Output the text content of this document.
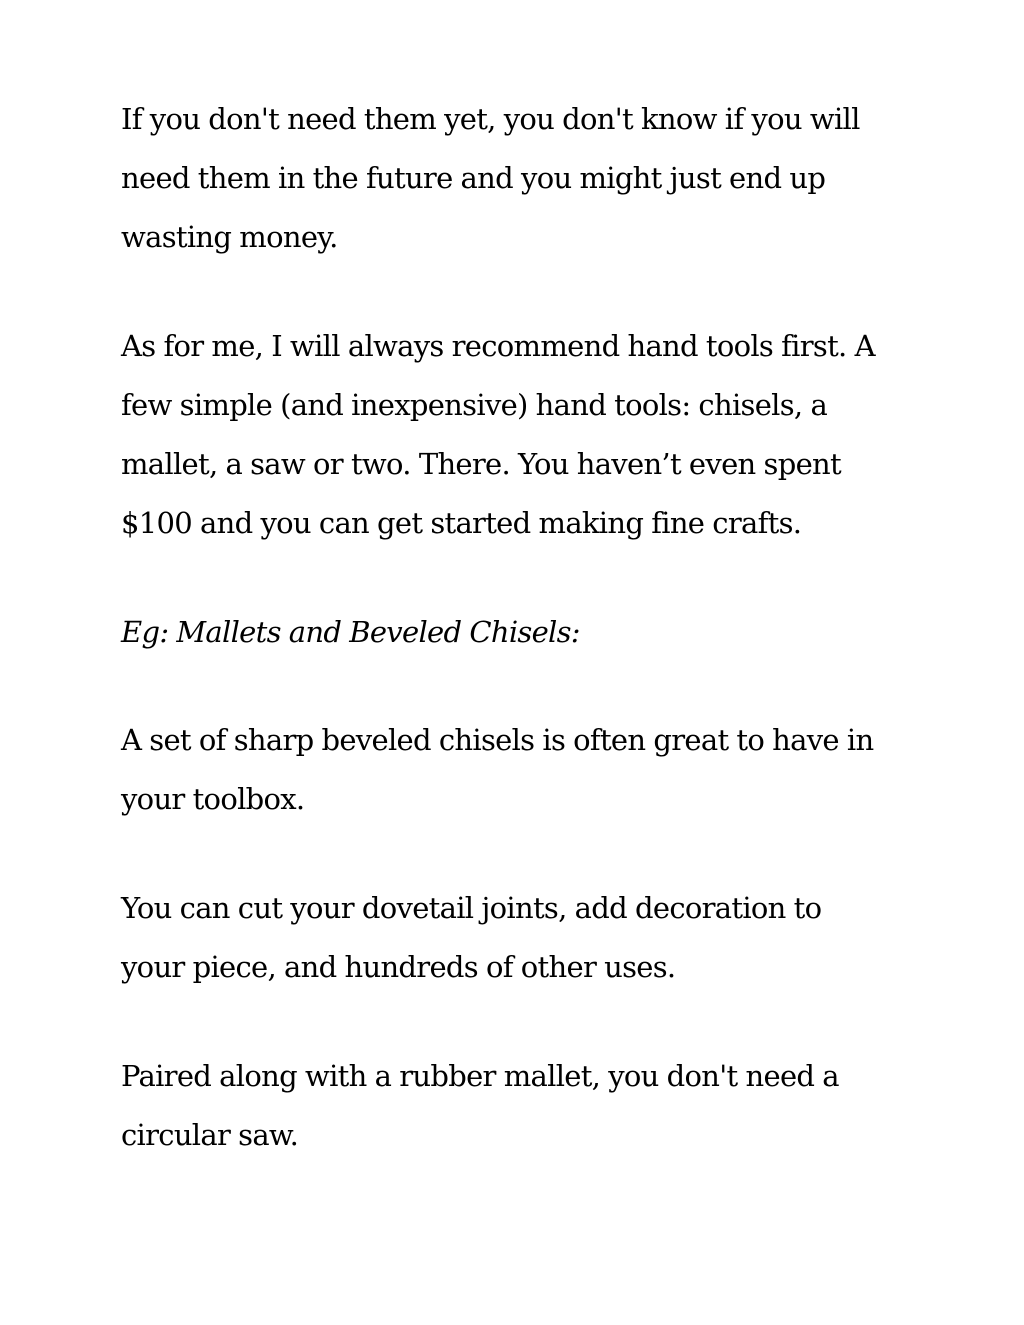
If you don't need them yet, you don't know if you will

need them in the future and you might just end up

wasting money.

As for me, I will always recommend hand tools first. A

few simple (and inexpensive) hand tools: chisels, a

mallet, a saw or two. There. You haven’t even spent

$100 and you can get started making fine crafts.

Eg: Mallets and Beveled Chisels:

A set of sharp beveled chisels is often great to have in

your toolbox.

You can cut your dovetail joints, add decoration to

your piece, and hundreds of other uses.

Paired along with a rubber mallet, you don't need a

circular saw.
